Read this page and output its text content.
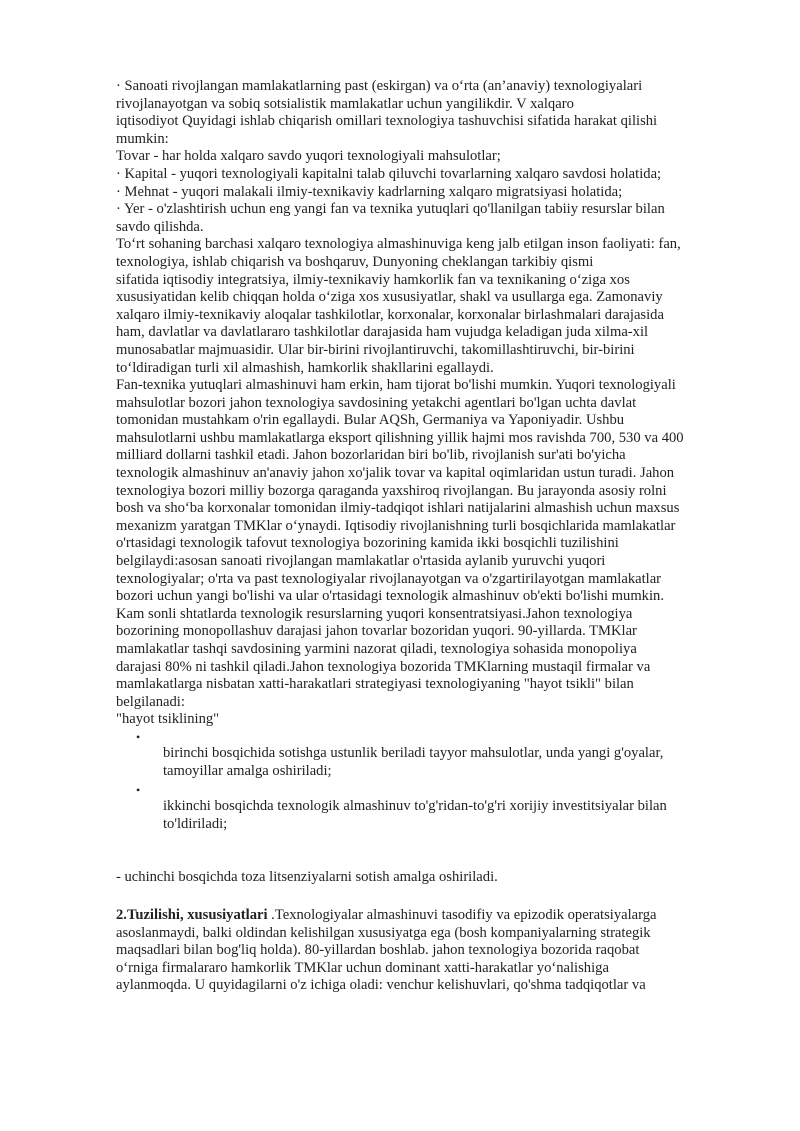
· Sanoati rivojlangan mamlakatlarning past (eskirgan) va o‘rta (an’anaviy) texnologiyalari
rivojlanayotgan va sobiq sotsialistik mamlakatlar uchun yangilikdir. V xalqaro
iqtisodiyot Quyidagi ishlab chiqarish omillari texnologiya tashuvchisi sifatida harakat qilishi
mumkin:
Tovar - har holda xalqaro savdo yuqori texnologiyali mahsulotlar;
· Kapital - yuqori texnologiyali kapitalni talab qiluvchi tovarlarning xalqaro savdosi holatida;
· Mehnat - yuqori malakali ilmiy-texnikaviy kadrlarning xalqaro migratsiyasi holatida;
· Yer - o'zlashtirish uchun eng yangi fan va texnika yutuqlari qo'llanilgan tabiiy resurslar bilan
savdo qilishda.
To‘rt sohaning barchasi xalqaro texnologiya almashinuviga keng jalb etilgan inson faoliyati: fan,
texnologiya, ishlab chiqarish va boshqaruv, Dunyoning cheklangan tarkibiy qismi
sifatida iqtisodiy integratsiya, ilmiy-texnikaviy hamkorlik fan va texnikaning o‘ziga xos
xususiyatidan kelib chiqqan holda o‘ziga xos xususiyatlar, shakl va usullarga ega. Zamonaviy
xalqaro ilmiy-texnikaviy aloqalar tashkilotlar, korxonalar, korxonalar birlashmalari darajasida
ham, davlatlar va davlatlararo tashkilotlar darajasida ham vujudga keladigan juda xilma-xil
munosabatlar majmuasidir. Ular bir-birini rivojlantiruvchi, takomillashtiruvchi, bir-birini
to‘ldiradigan turli xil almashish, hamkorlik shakllarini egallaydi.
Fan-texnika yutuqlari almashinuvi ham erkin, ham tijorat bo'lishi mumkin. Yuqori texnologiyali
mahsulotlar bozori jahon texnologiya savdosining yetakchi agentlari bo'lgan uchta davlat
tomonidan mustahkam o'rin egallaydi. Bular AQSh, Germaniya va Yaponiyadir. Ushbu
mahsulotlarni ushbu mamlakatlarga eksport qilishning yillik hajmi mos ravishda 700, 530 va 400
milliard dollarni tashkil etadi. Jahon bozorlaridan biri bo'lib, rivojlanish sur'ati bo'yicha
texnologik almashinuv an'anaviy jahon xo'jalik tovar va kapital oqimlaridan ustun turadi. Jahon
texnologiya bozori milliy bozorga qaraganda yaxshiroq rivojlangan. Bu jarayonda asosiy rolni
bosh va sho‘ba korxonalar tomonidan ilmiy-tadqiqot ishlari natijalarini almashish uchun maxsus
mexanizm yaratgan TMKlar o‘ynaydi. Iqtisodiy rivojlanishning turli bosqichlarida mamlakatlar
o'rtasidagi texnologik tafovut texnologiya bozorining kamida ikki bosqichli tuzilishini
belgilaydi:asosan sanoati rivojlangan mamlakatlar o'rtasida aylanib yuruvchi yuqori
texnologiyalar; o'rta va past texnologiyalar rivojlanayotgan va o'zgartirilayotgan mamlakatlar
bozori uchun yangi bo'lishi va ular o'rtasidagi texnologik almashinuv ob'ekti bo'lishi mumkin.
Kam sonli shtatlarda texnologik resurslarning yuqori konsentratsiyasi.Jahon texnologiya
bozorining monopollashuv darajasi jahon tovarlar bozoridan yuqori. 90-yillarda. TMKlar
mamlakatlar tashqi savdosining yarmini nazorat qiladi, texnologiya sohasida monopoliya
darajasi 80% ni tashkil qiladi.Jahon texnologiya bozorida TMKlarning mustaqil firmalar va
mamlakatlarga nisbatan xatti-harakatlari strategiyasi texnologiyaning "hayot tsikli" bilan
belgilanadi:
"hayot tsiklining"
•
birinchi bosqichida sotishga ustunlik beriladi tayyor mahsulotlar, unda yangi g'oyalar,
tamoyillar amalga oshiriladi;
•
ikkinchi bosqichda texnologik almashinuv to'g'ridan-to'g'ri xorijiy investitsiyalar bilan
to'ldiriladi;

- uchinchi bosqichda toza litsenziyalarni sotish amalga oshiriladi.

2.Tuzilishi, xususiyatlari .Texnologiyalar almashinuvi tasodifiy va epizodik operatsiyalarga
asoslanmaydi, balki oldindan kelishilgan xususiyatga ega (bosh kompaniyalarning strategik
maqsadlari bilan bog'liq holda). 80-yillardan boshlab. jahon texnologiya bozorida raqobat
o‘rniga firmalararo hamkorlik TMKlar uchun dominant xatti-harakatlar yo‘nalishiga
aylanmoqda. U quyidagilarni o'z ichiga oladi: venchur kelishuvlari, qo'shma tadqiqotlar va
